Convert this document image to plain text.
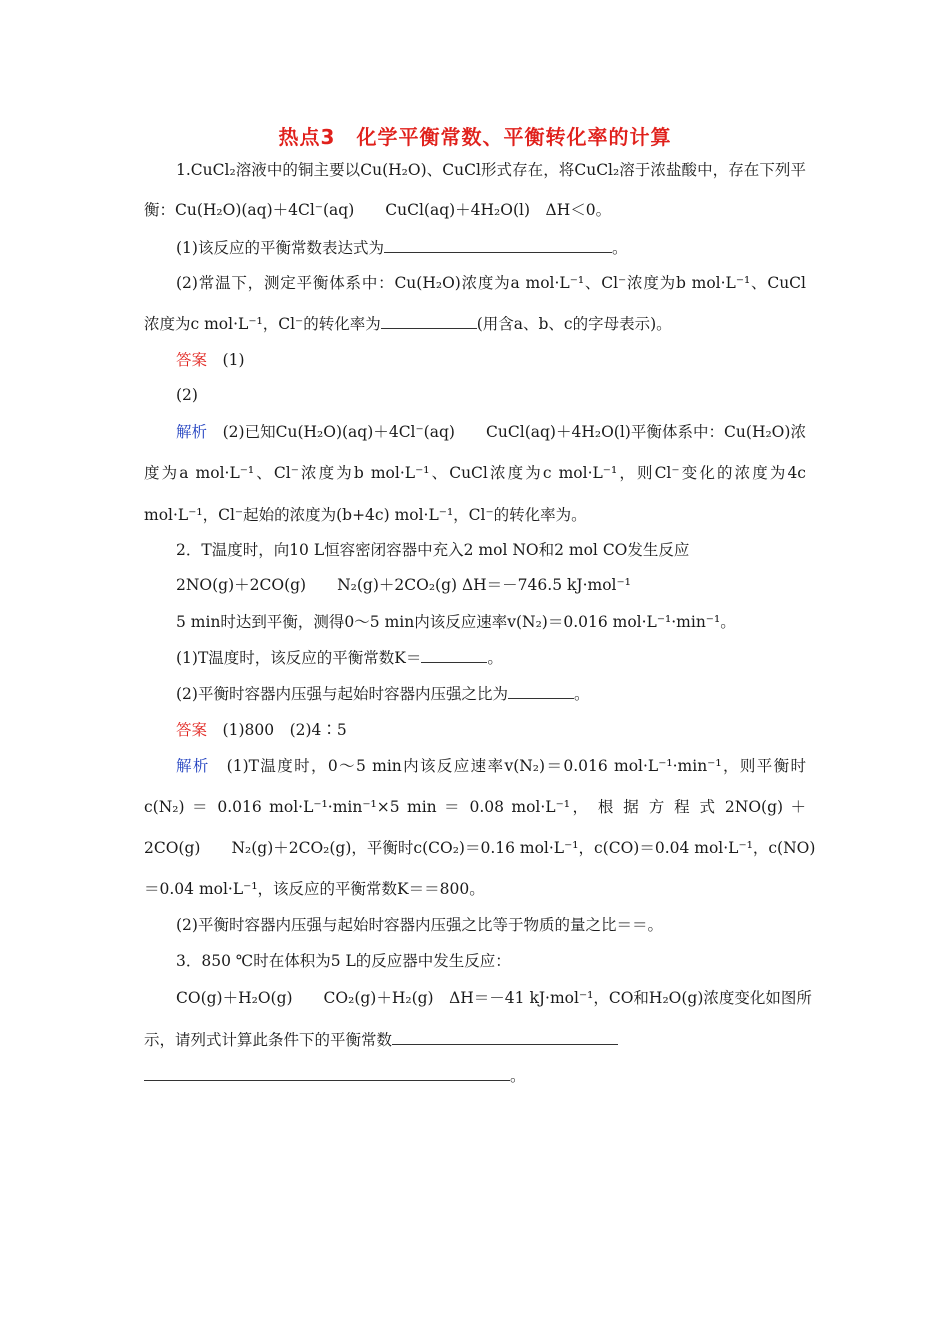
热点3　化学平衡常数、平衡转化率的计算
1.CuCl₂溶液中的铜主要以Cu(H₂O)、CuCl形式存在，将CuCl₂溶于浓盐酸中，存在下列平
衡：Cu(H₂O)(aq)＋4Cl⁻(aq)　　CuCl(aq)＋4H₂O(l)　ΔH＜0。
(1)该反应的平衡常数表达式为	。
(2)常温下，测定平衡体系中：Cu(H₂O)浓度为a mol·L⁻¹、Cl⁻浓度为b mol·L⁻¹、CuCl
浓度为c mol·L⁻¹，Cl⁻的转化率为	(用含a、b、c的字母表示)。
答案　 (1)
(2)
解析　 (2)已知Cu(H₂O)(aq)＋4Cl⁻(aq)　　CuCl(aq)＋4H₂O(l)平衡体系中：Cu(H₂O)浓
度为a mol·L⁻¹、Cl⁻浓度为b mol·L⁻¹、CuCl浓度为c mol·L⁻¹，则Cl⁻变化的浓度为4c
mol·L⁻¹，Cl⁻起始的浓度为(b+4c) mol·L⁻¹，Cl⁻的转化率为。
2．T温度时，向10 L恒容密闭容器中充入2 mol NO和2 mol CO发生反应
2NO(g)＋2CO(g)　　N₂(g)＋2CO₂(g) ΔH＝－746.5 kJ·mol⁻¹
5 min时达到平衡，测得0～5 min内该反应速率v(N₂)＝0.016 mol·L⁻¹·min⁻¹。
(1)T温度时，该反应的平衡常数K＝	。
(2)平衡时容器内压强与起始时容器内压强之比为	。
答案　 (1)800　(2)4∶5
解析　 (1)T温度时，0～5 min内该反应速率v(N₂)＝0.016 mol·L⁻¹·min⁻¹，则平衡时
c(N₂) ＝ 0.016 mol·L⁻¹·min⁻¹×5 min ＝ 0.08 mol·L⁻¹， 根 据 方 程 式 2NO(g) ＋
2CO(g)　　N₂(g)＋2CO₂(g)，平衡时c(CO₂)＝0.16 mol·L⁻¹，c(CO)＝0.04 mol·L⁻¹，c(NO)
＝0.04 mol·L⁻¹，该反应的平衡常数K＝＝800。
(2)平衡时容器内压强与起始时容器内压强之比等于物质的量之比＝＝。
3．850 ℃时在体积为5 L的反应器中发生反应：
CO(g)＋H₂O(g)　　CO₂(g)＋H₂(g)　ΔH＝－41 kJ·mol⁻¹，CO和H₂O(g)浓度变化如图所
示，请列式计算此条件下的平衡常数
。
